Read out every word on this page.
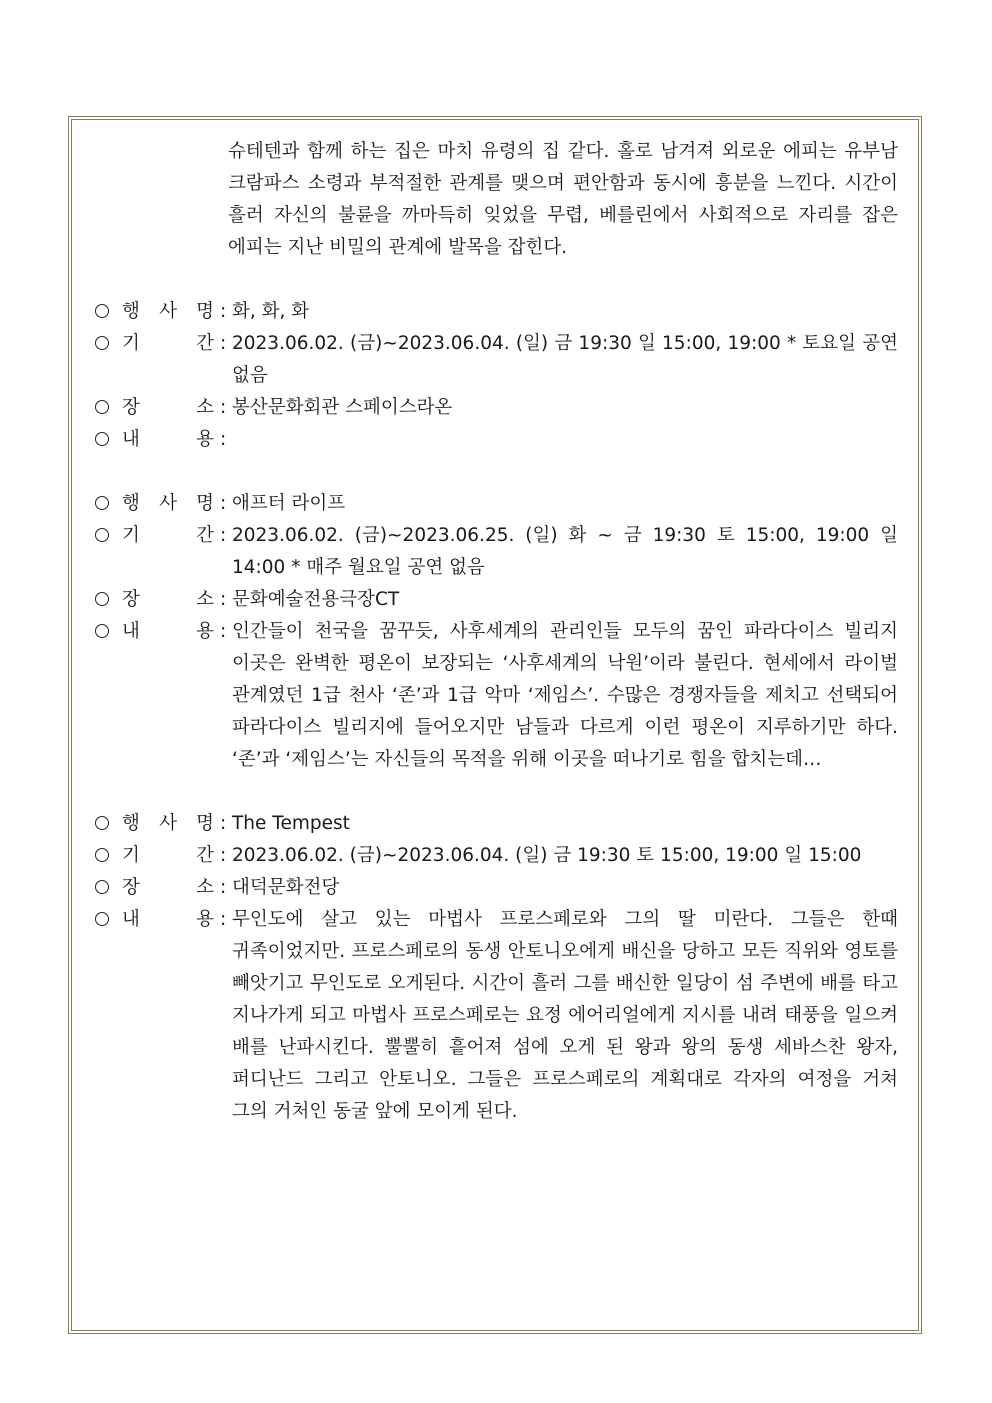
슈테텐과 함께 하는 집은 마치 유령의 집 같다. 홀로 남겨져 외로운 에피는 유부남 크람파스 소령과 부적절한 관계를 맺으며 편안함과 동시에 흥분을 느낀다. 시간이 흘러 자신의 불륜을 까마득히 잊었을 무렵, 베를린에서 사회적으로 자리를 잡은 에피는 지난 비밀의 관계에 발목을 잡힌다.
행 사 명 : 화, 화, 화
기	간 : 2023.06.02. (금)~2023.06.04. (일) 금 19:30 일 15:00, 19:00 * 토요일 공연 없음
장	소 : 봉산문화회관 스페이스라온
내	용 :
행 사 명 : 애프터 라이프
기	간 : 2023.06.02. (금)~2023.06.25. (일) 화 ~ 금 19:30 토 15:00, 19:00 일 14:00 * 매주 월요일 공연 없음
장	소 : 문화예술전용극장CT
내	용 : 인간들이 천국을 꿈꾸듯, 사후세계의 관리인들 모두의 꿈인 파라다이스 빌리지 이곳은 완벽한 평온이 보장되는 ‘사후세계의 낙원’이라 불린다. 현세에서 라이벌 관계였던 1급 천사 ‘존’과 1급 악마 ‘제임스’. 수많은 경쟁자들을 제치고 선택되어 파라다이스 빌리지에 들어오지만 남들과 다르게 이런 평온이 지루하기만 하다. ‘존’과 ‘제임스’는 자신들의 목적을 위해 이곳을 떠나기로 힘을 합치는데…
행 사 명 : The Tempest
기	간 : 2023.06.02. (금)~2023.06.04. (일) 금 19:30 토 15:00, 19:00 일 15:00
장	소 : 대덕문화전당
내	용 : 무인도에 살고 있는 마법사 프로스페로와 그의 딸 미란다. 그들은 한때 귀족이었지만. 프로스페로의 동생 안토니오에게 배신을 당하고 모든 직위와 영토를 빼앗기고 무인도로 오게된다. 시간이 흘러 그를 배신한 일당이 섬 주변에 배를 타고 지나가게 되고 마법사 프로스페로는 요정 에어리얼에게 지시를 내려 태풍을 일으켜 배를 난파시킨다. 뿔뿔히 흩어져 섬에 오게 된 왕과 왕의 동생 세바스찬 왕자, 퍼디난드 그리고 안토니오. 그들은 프로스페로의 계획대로 각자의 여정을 거쳐 그의 거처인 동굴 앞에 모이게 된다.
